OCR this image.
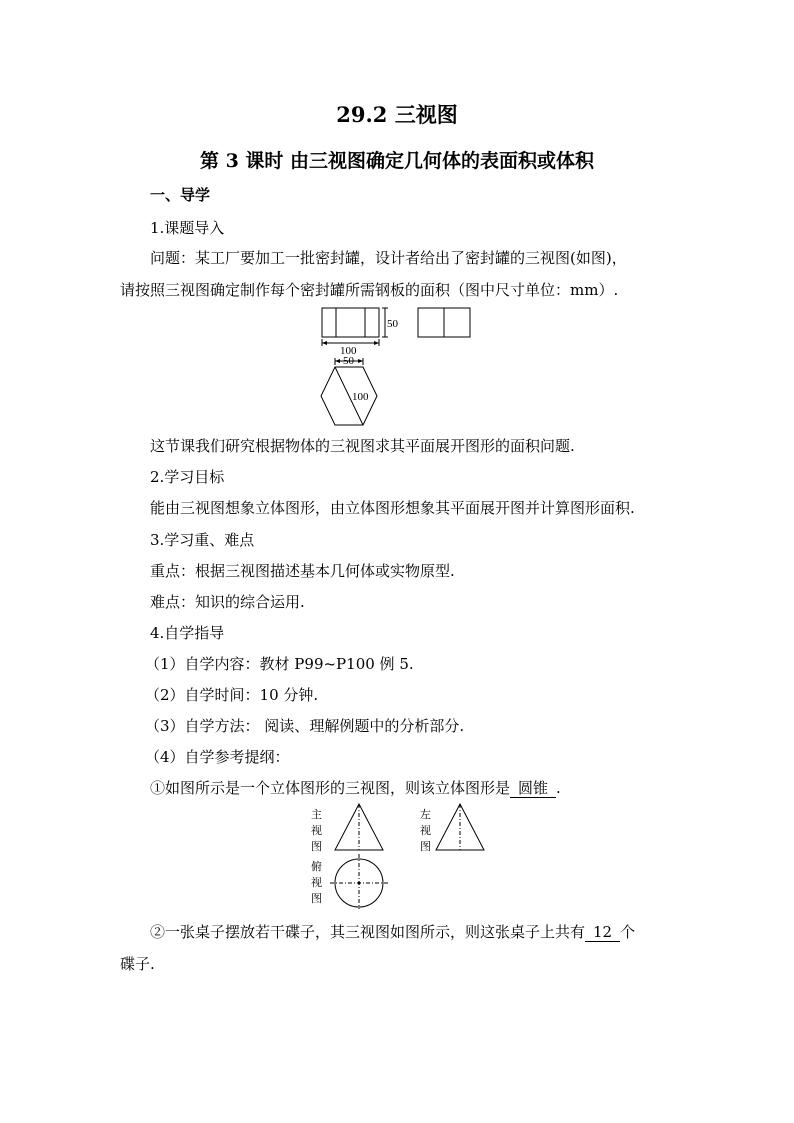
29.2 三视图
第 3 课时 由三视图确定几何体的表面积或体积
一、导学
1.课题导入
问题：某工厂要加工一批密封罐，设计者给出了密封罐的三视图(如图)，
请按照三视图确定制作每个密封罐所需钢板的面积（图中尺寸单位：mm）.
50
100
50
100
这节课我们研究根据物体的三视图求其平面展开图形的面积问题.
2.学习目标
能由三视图想象立体图形，由立体图形想象其平面展开图并计算图形面积.
3.学习重、难点
重点：根据三视图描述基本几何体或实物原型.
难点：知识的综合运用.
4.自学指导
（1）自学内容：教材 P99~P100 例 5.
（2）自学时间：10 分钟.
（3）自学方法： 阅读、理解例题中的分析部分.
（4）自学参考提纲：
①如图所示是一个立体图形的三视图，则该立体图形是 圆锥 .
主
视
图
左
视
图
俯
视
图
②一张桌子摆放若干碟子，其三视图如图所示，则这张桌子上共有 12 个
碟子.
